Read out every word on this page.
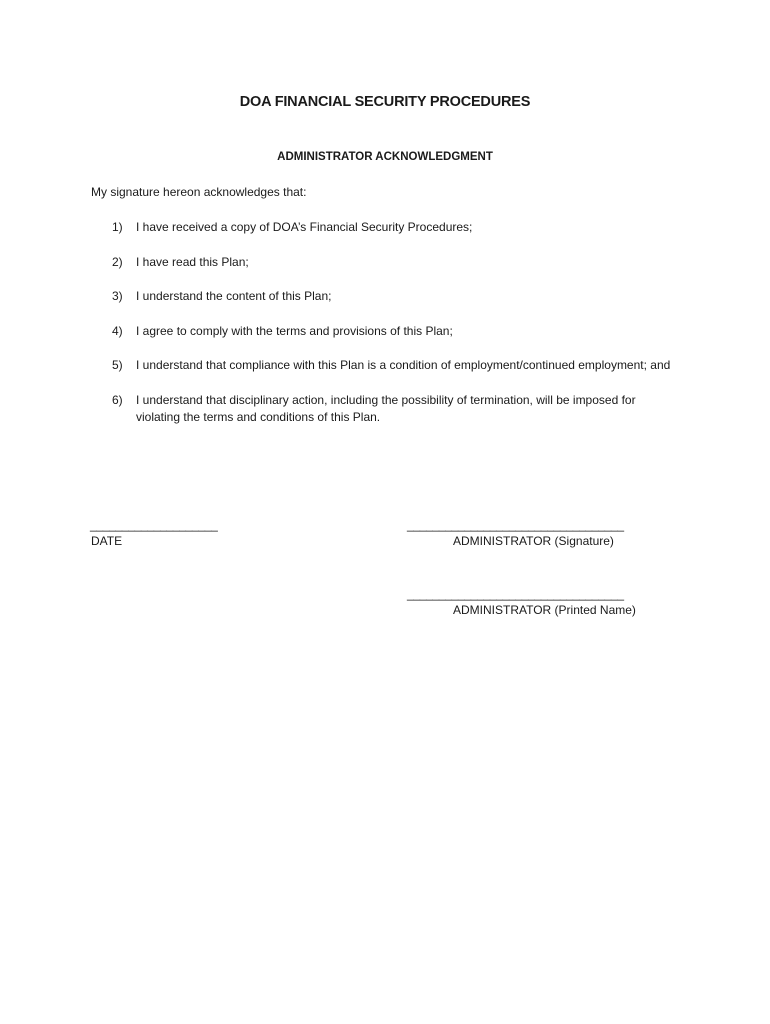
DOA FINANCIAL SECURITY PROCEDURES
ADMINISTRATOR ACKNOWLEDGMENT
My signature hereon acknowledges that:
1) I have received a copy of DOA’s Financial Security Procedures;
2) I have read this Plan;
3) I understand the content of this Plan;
4) I agree to comply with the terms and provisions of this Plan;
5) I understand that compliance with this Plan is a condition of employment/continued employment; and
6) I understand that disciplinary action, including the possibility of termination, will be imposed for violating the terms and conditions of this Plan.
____________________
DATE
__________________________________
ADMINISTRATOR (Signature)
__________________________________
ADMINISTRATOR (Printed Name)
